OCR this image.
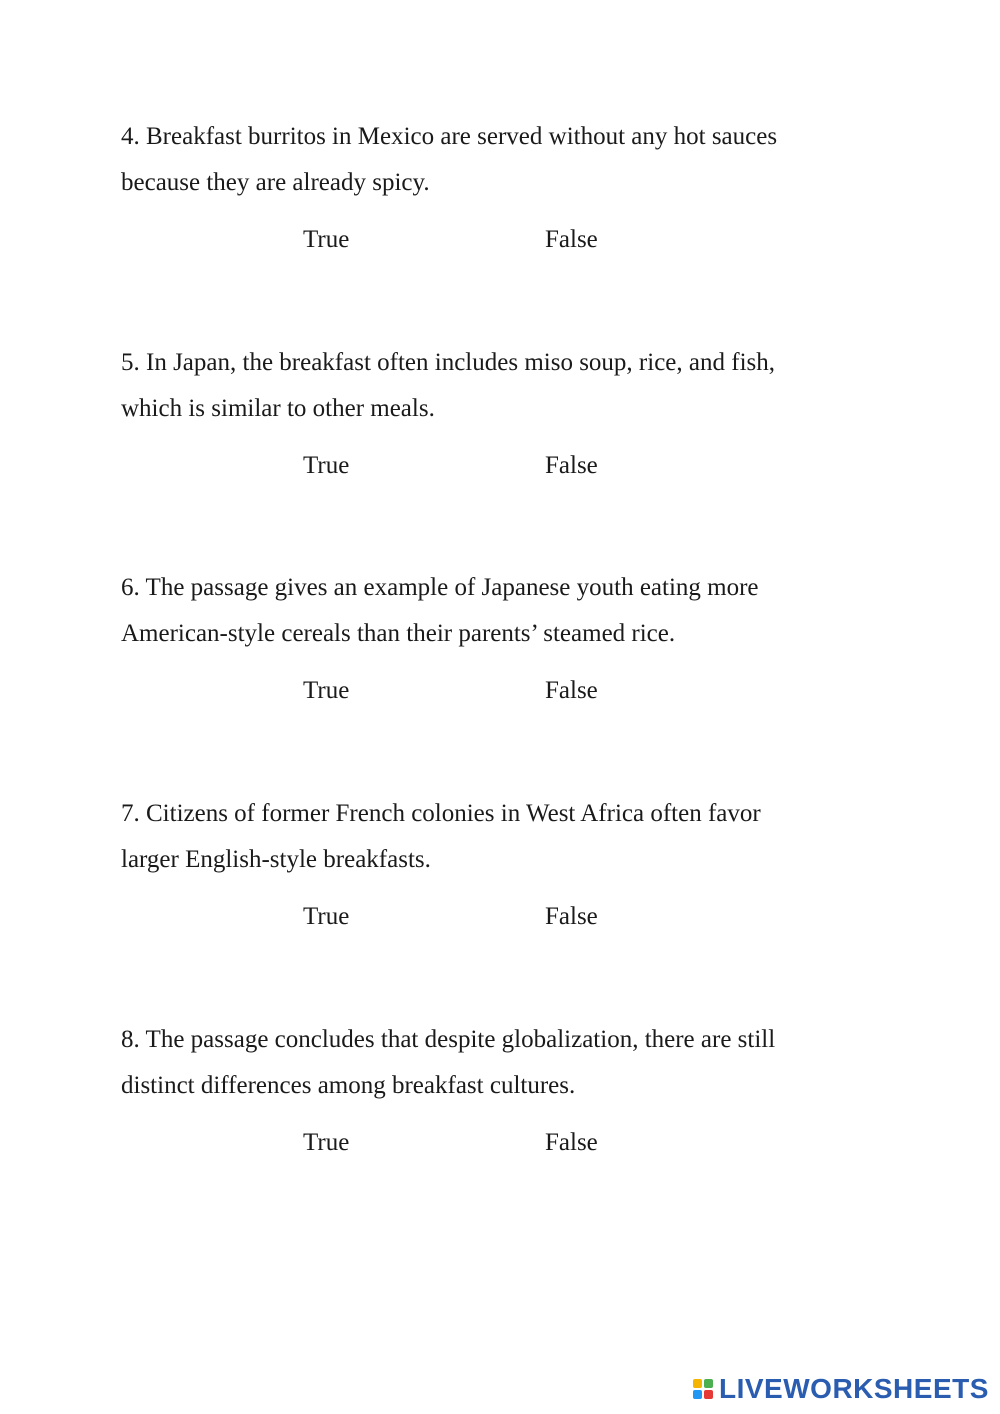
4. Breakfast burritos in Mexico are served without any hot sauces

because they are already spicy.

True	False

5. In Japan, the breakfast often includes miso soup, rice, and fish,

which is similar to other meals.

True	False

6. The passage gives an example of Japanese youth eating more

American-style cereals than their parents’ steamed rice.

True	False

7. Citizens of former French colonies in West Africa often favor

larger English-style breakfasts.

True	False

8. The passage concludes that despite globalization, there are still

distinct differences among breakfast cultures.

True	False
LIVEWORKSHEETS
